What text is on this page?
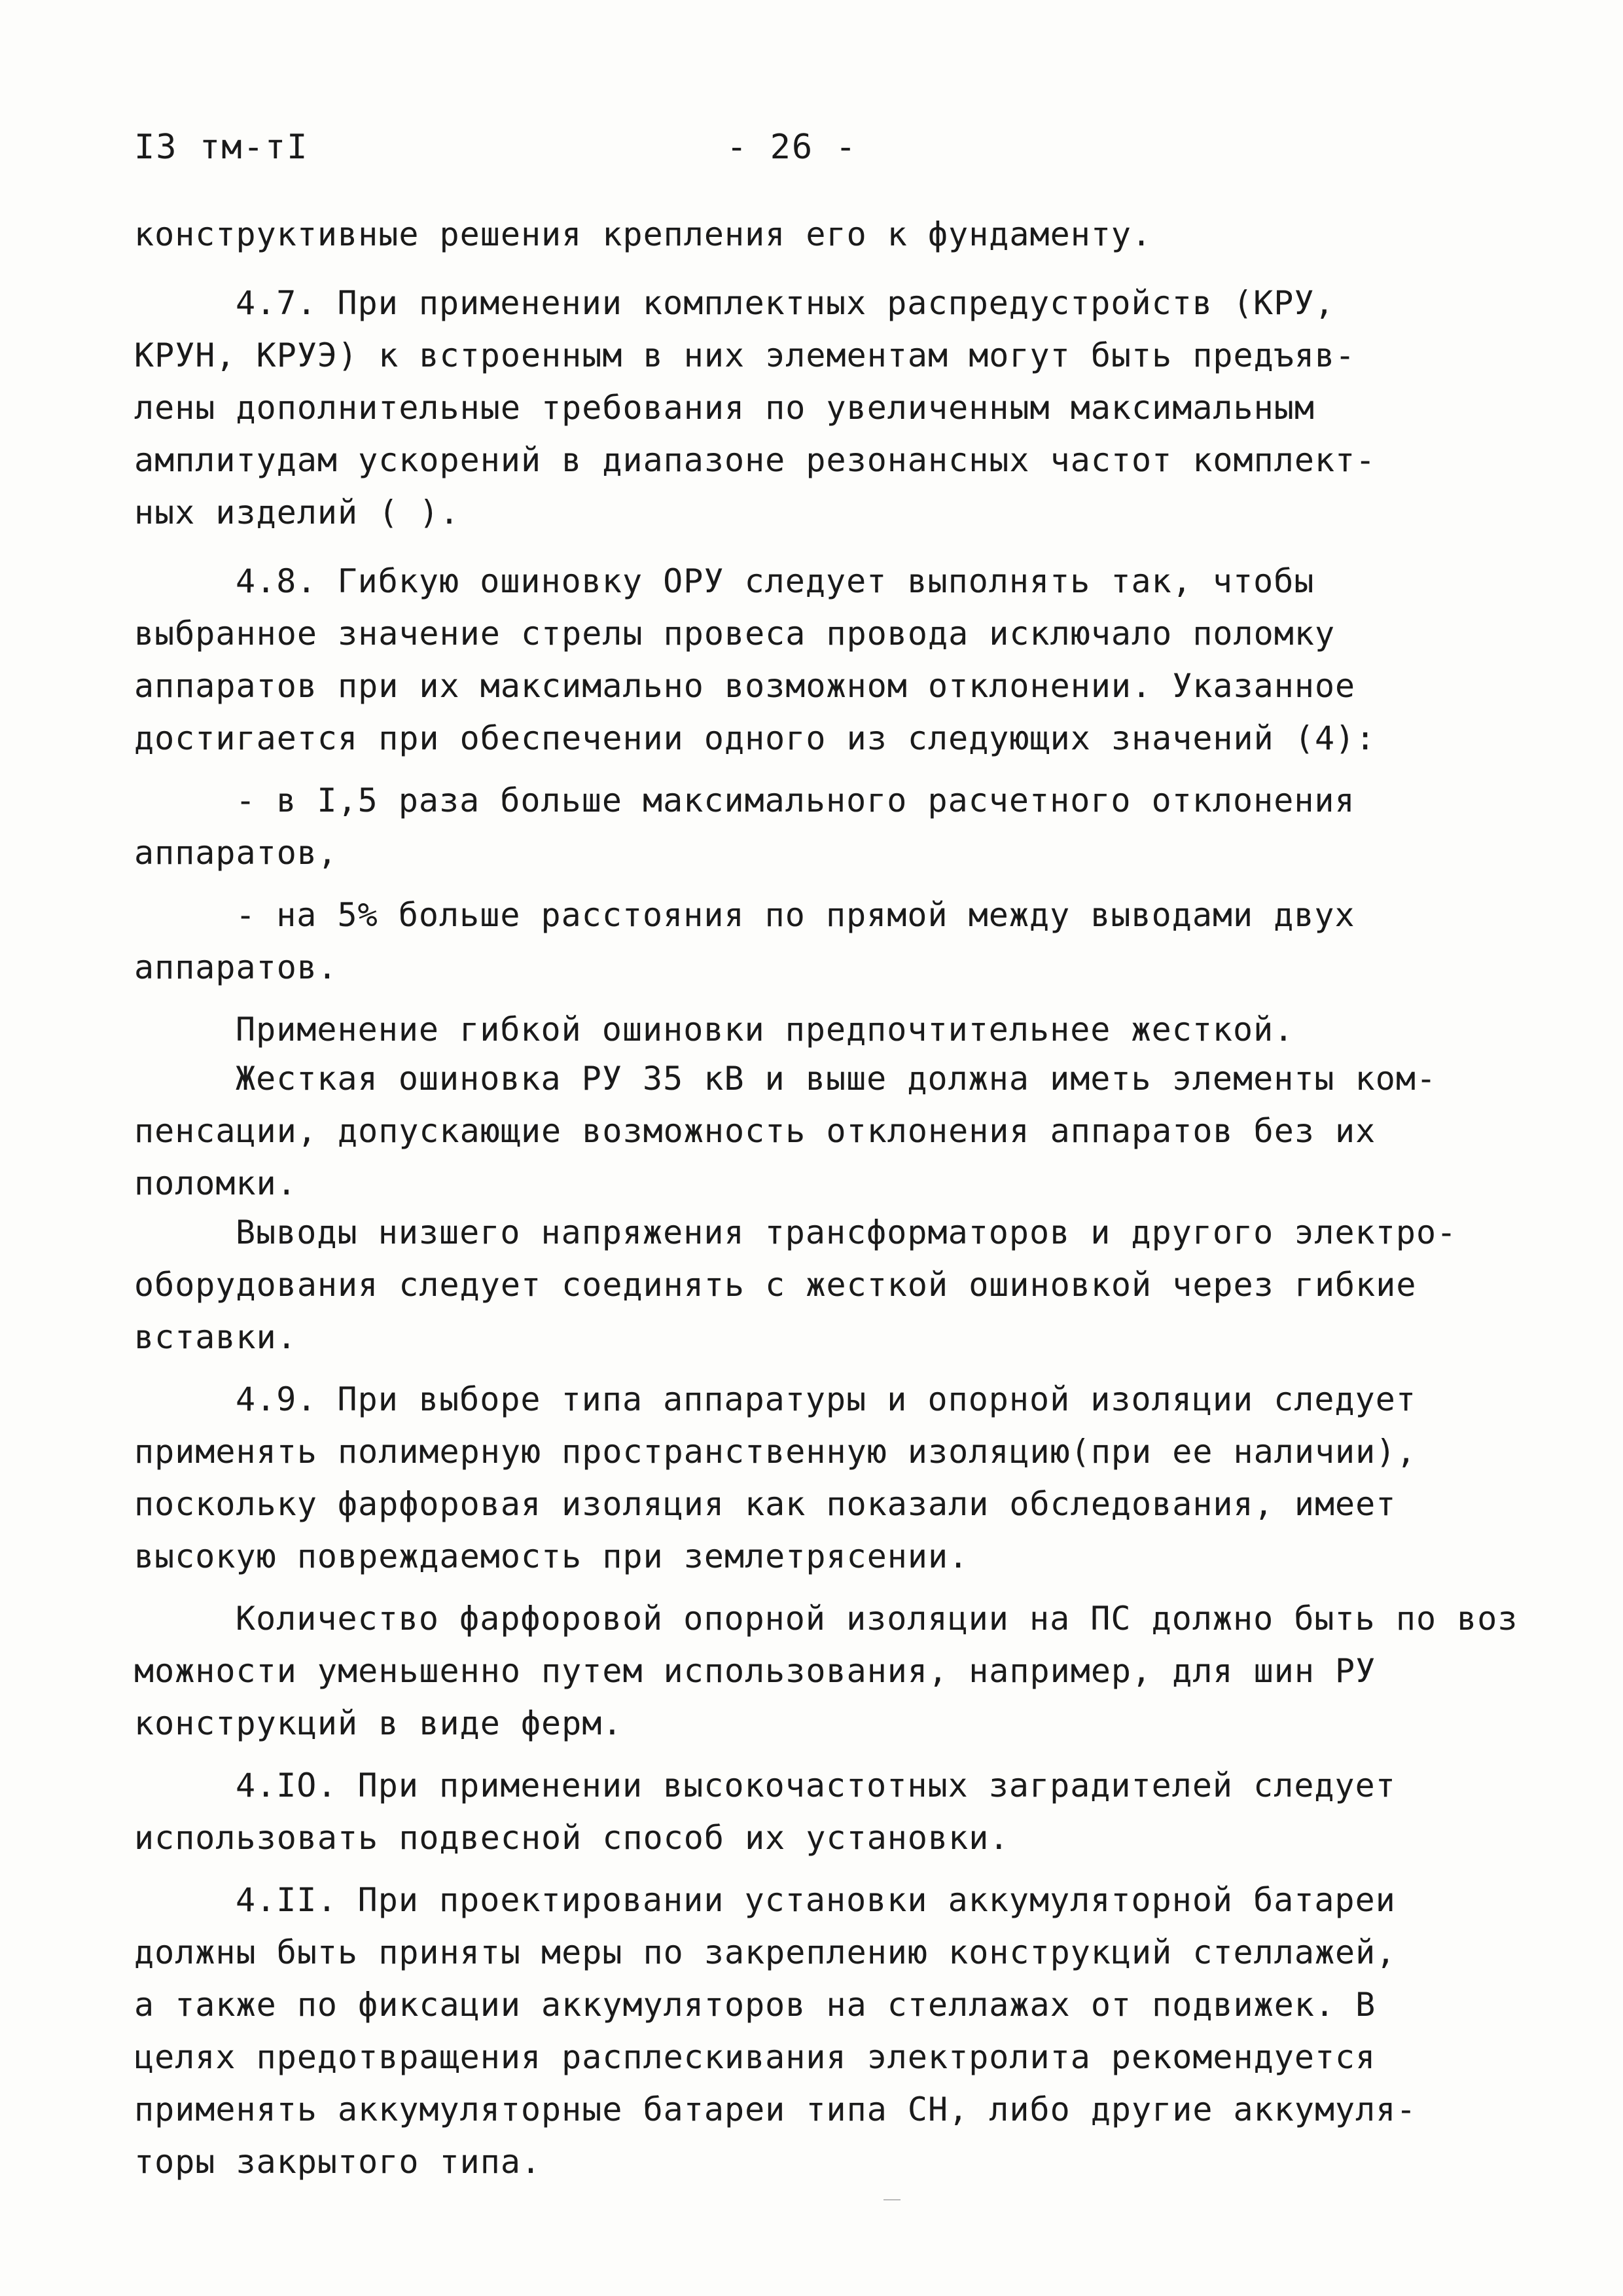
I3 тм-тI	- 26 -
конструктивные решения крепления его к фундаменту.
4.7. При применении комплектных распредустройств (КРУ,
КРУН, КРУЭ) к встроенным в них элементам могут быть предъяв-
лены дополнительные требования по увеличенным максимальным
амплитудам ускорений в диапазоне резонансных частот комплект-
ных изделий ( ).
4.8. Гибкую ошиновку ОРУ следует выполнять так, чтобы
выбранное значение стрелы провеса провода исключало поломку
аппаратов при их максимально возможном отклонении. Указанное
достигается при обеспечении одного из следующих значений (4):
- в I,5 раза больше максимального расчетного отклонения
аппаратов,
- на 5% больше расстояния по прямой между выводами двух
аппаратов.
Применение гибкой ошиновки предпочтительнее жесткой.
Жесткая ошиновка РУ 35 кВ и выше должна иметь элементы ком-
пенсации, допускающие возможность отклонения аппаратов без их
поломки.
Выводы низшего напряжения трансформаторов и другого электро-
оборудования следует соединять с жесткой ошиновкой через гибкие
вставки.
4.9. При выборе типа аппаратуры и опорной изоляции следует
применять полимерную пространственную изоляцию(при ее наличии),
поскольку фарфоровая изоляция как показали обследования, имеет
высокую повреждаемость при землетрясении.
Количество фарфоровой опорной изоляции на ПС должно быть по воз
можности уменьшенно путем использования, например, для шин РУ
конструкций в виде ферм.
4.IO. При применении высокочастотных заградителей следует
использовать подвесной способ их установки.
4.II. При проектировании установки аккумуляторной батареи
должны быть приняты меры по закреплению конструкций стеллажей,
а также по фиксации аккумуляторов на стеллажах от подвижек. В
целях предотвращения расплескивания электролита рекомендуется
применять аккумуляторные батареи типа СН, либо другие аккумуля-
торы закрытого типа.
